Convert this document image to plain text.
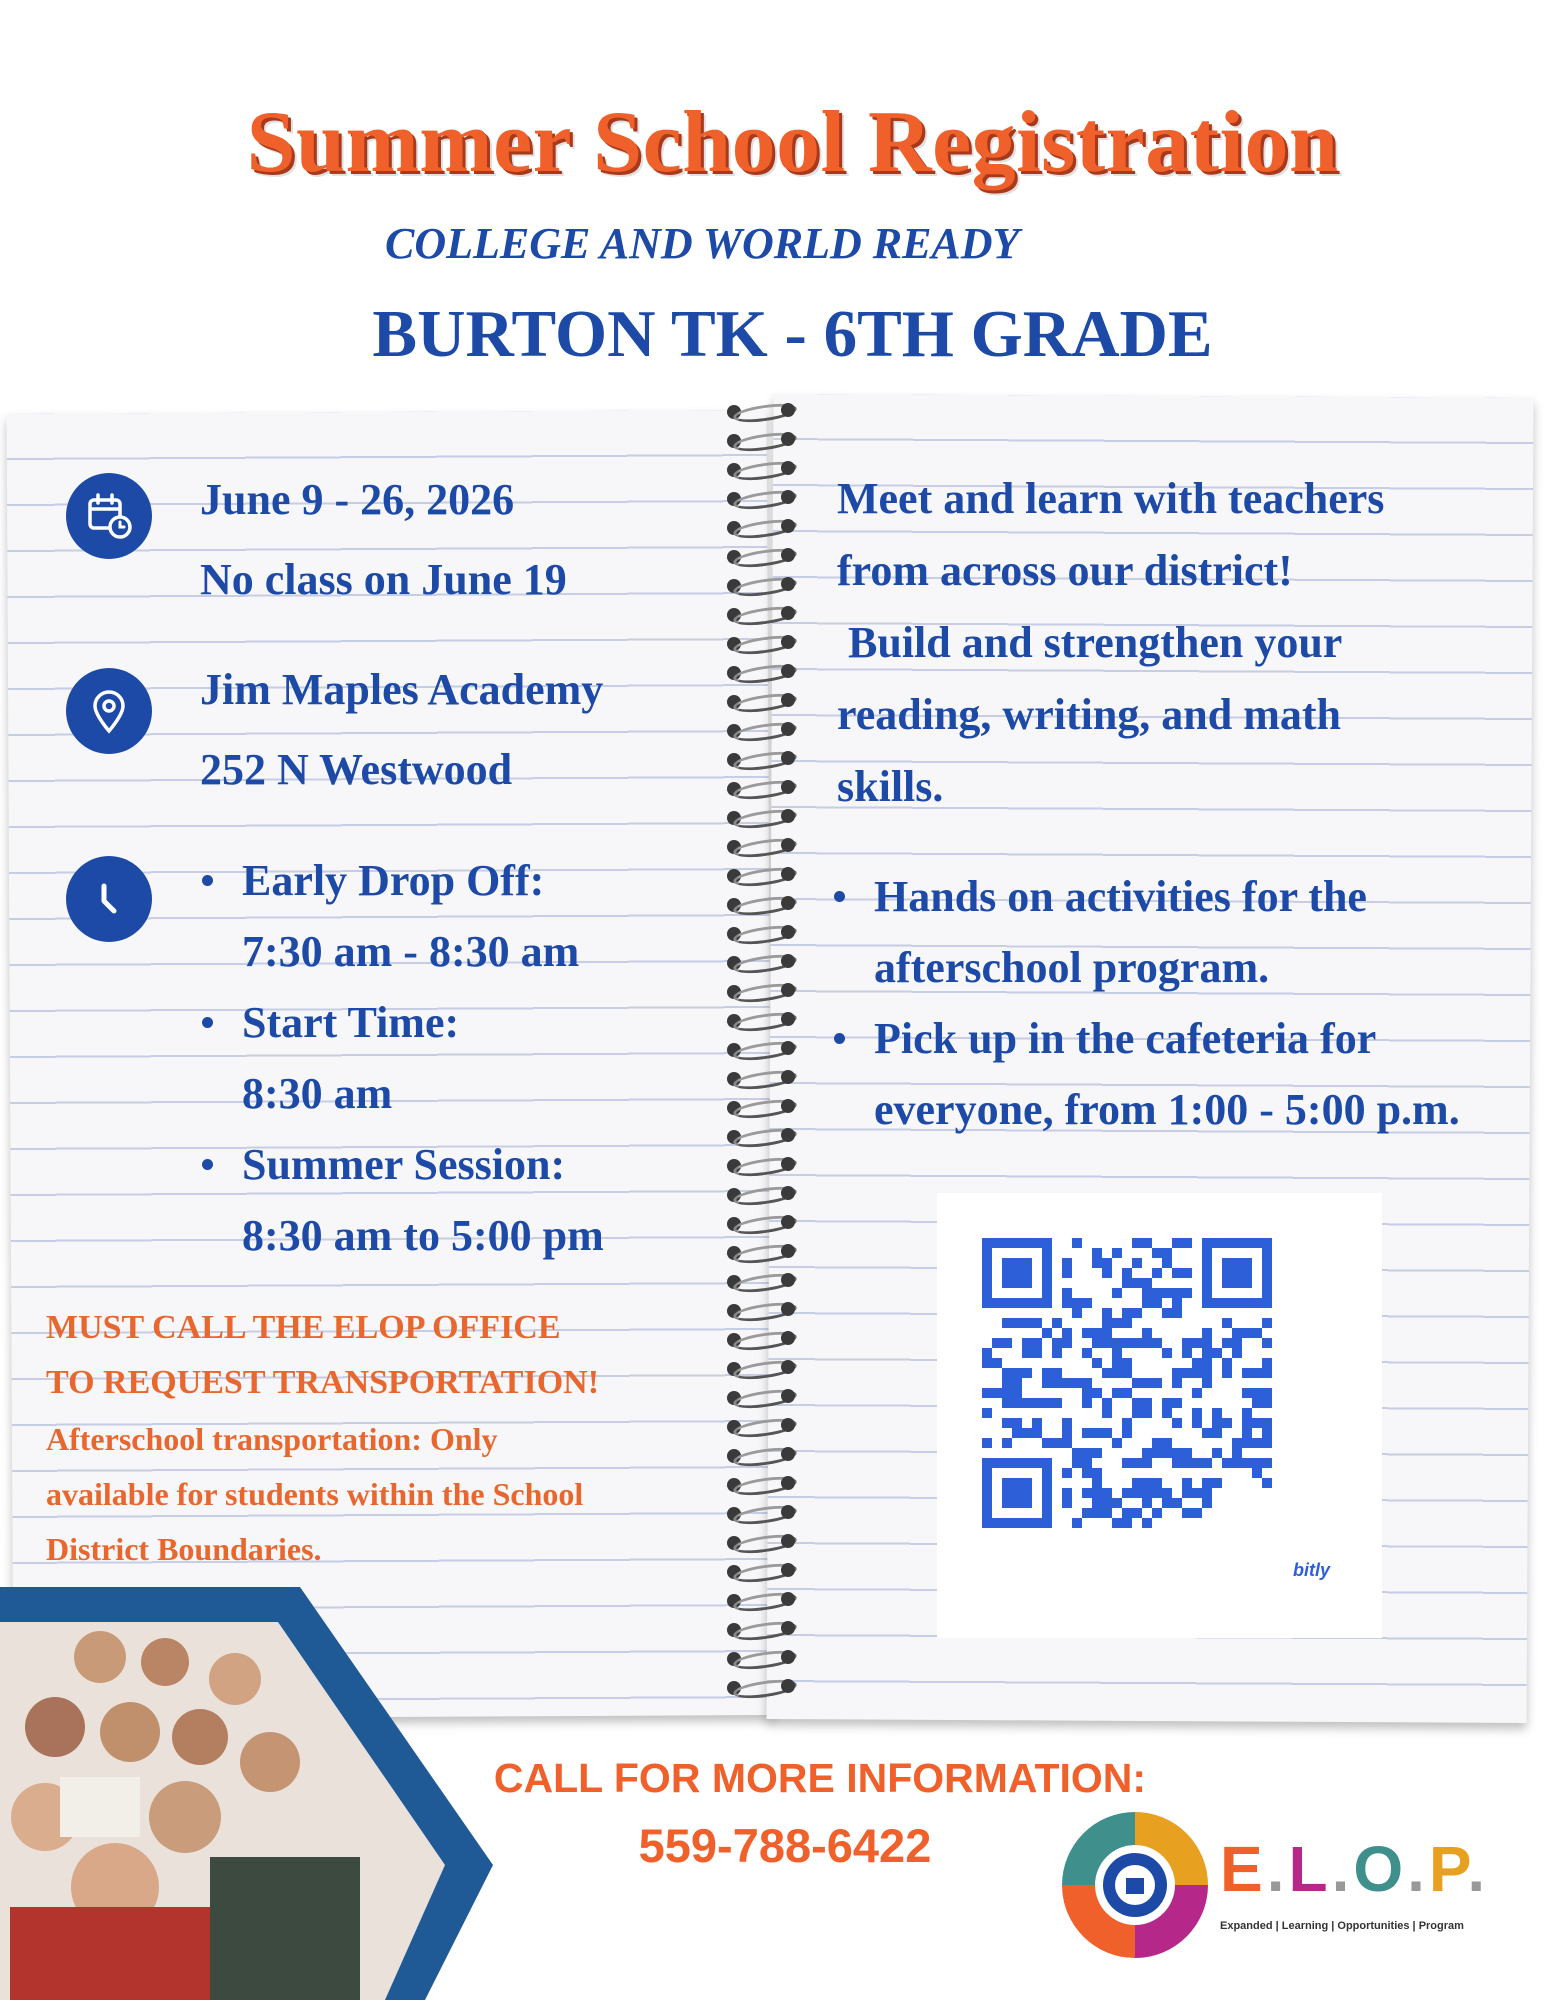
Summer School Registration
COLLEGE AND WORLD READY
BURTON TK - 6TH GRADE
June 9 - 26, 2026
No class on June 19
Jim Maples Academy
252 N Westwood
Early Drop Off:
7:30 am - 8:30 am
Start Time:
8:30 am
Summer Session:
8:30 am to 5:00 pm
MUST CALL THE ELOP OFFICE
TO REQUEST TRANSPORTATION!
Afterschool transportation: Only
available for students within the School
District Boundaries.
Meet and learn with teachers
from across our district!
Build and strengthen your
reading, writing, and math
skills.
Hands on activities for the
afterschool program.
Pick up in the cafeteria for
everyone, from 1:00 - 5:00 p.m.
bitly
CALL FOR MORE INFORMATION:
559-788-6422	E.L.O.P.
Expanded | Learning | Opportunities | Program
